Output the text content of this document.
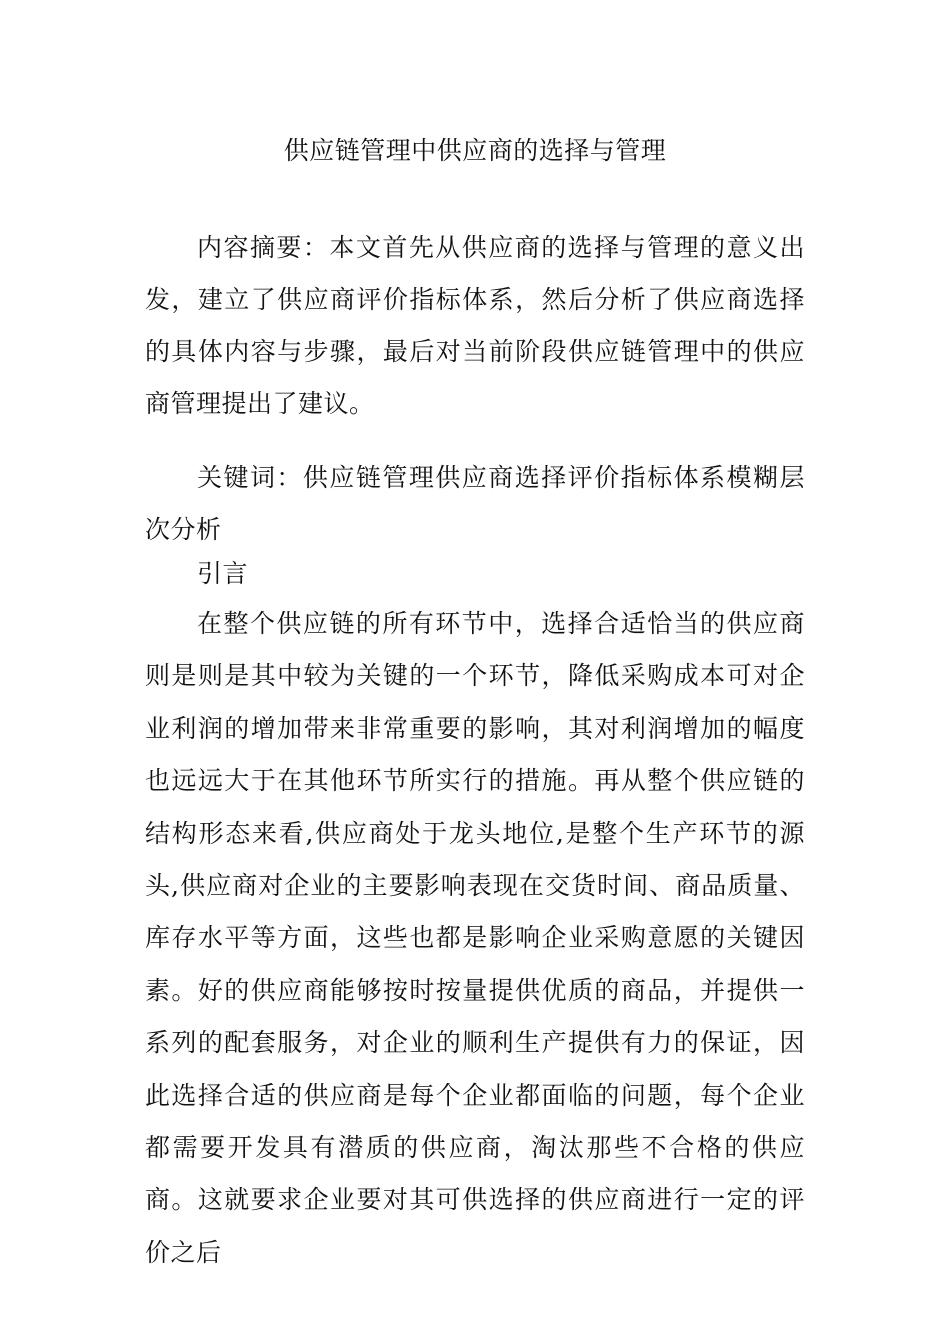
供应链管理中供应商的选择与管理
内容摘要：本文首先从供应商的选择与管理的意义出发，建立了供应商评价指标体系，然后分析了供应商选择的具体内容与步骤，最后对当前阶段供应链管理中的供应商管理提出了建议。
关键词：供应链管理供应商选择评价指标体系模糊层次分析
引言
在整个供应链的所有环节中，选择合适恰当的供应商则是则是其中较为关键的一个环节，降低采购成本可对企业利润的增加带来非常重要的影响，其对利润增加的幅度也远远大于在其他环节所实行的措施。再从整个供应链的结构形态来看,供应商处于龙头地位,是整个生产环节的源头,供应商对企业的主要影响表现在交货时间、商品质量、库存水平等方面，这些也都是影响企业采购意愿的关键因素。好的供应商能够按时按量提供优质的商品，并提供一系列的配套服务，对企业的顺利生产提供有力的保证，因此选择合适的供应商是每个企业都面临的问题，每个企业都需要开发具有潜质的供应商，淘汰那些不合格的供应商。这就要求企业要对其可供选择的供应商进行一定的评价之后
